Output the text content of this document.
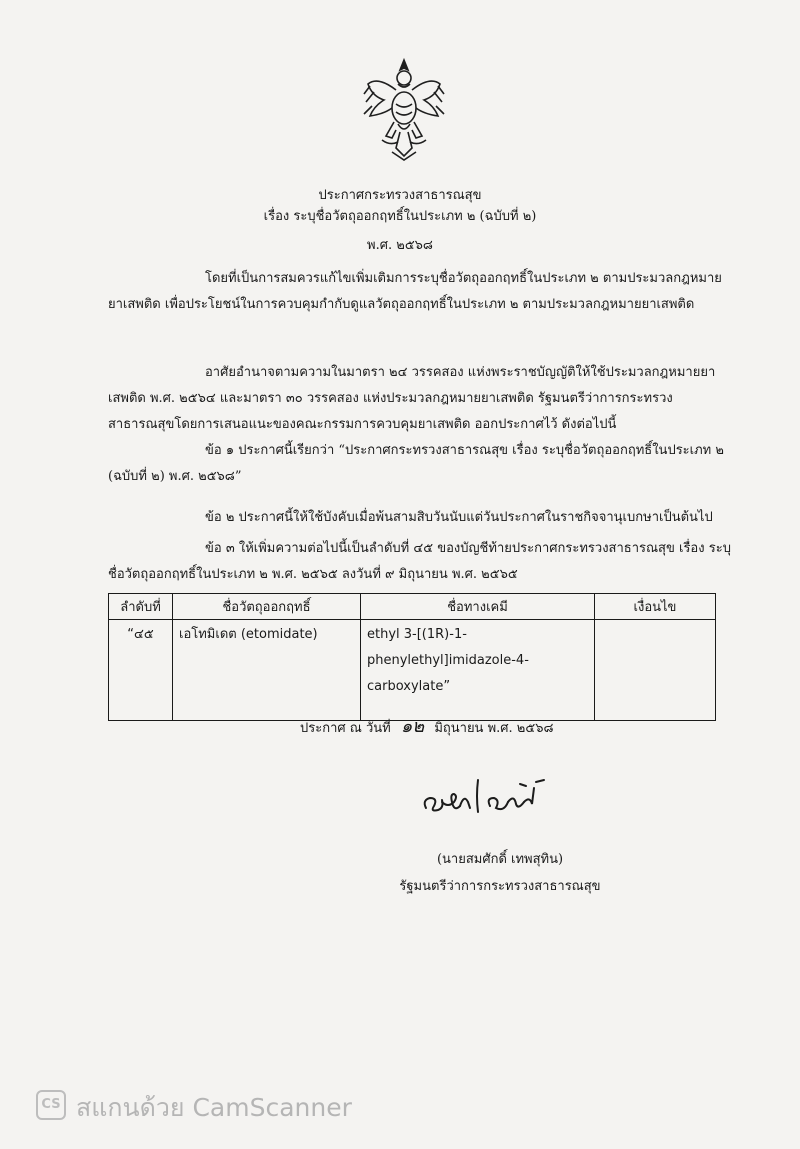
ประกาศกระทรวงสาธารณสุข
เรื่อง ระบุชื่อวัตถุออกฤทธิ์ในประเภท ๒ (ฉบับที่ ๒)
พ.ศ. ๒๕๖๘
โดยที่เป็นการสมควรแก้ไขเพิ่มเติมการระบุชื่อวัตถุออกฤทธิ์ในประเภท ๒ ตามประมวลกฎหมายยาเสพติด เพื่อประโยชน์ในการควบคุมกำกับดูแลวัตถุออกฤทธิ์ในประเภท ๒ ตามประมวลกฎหมายยาเสพติด
อาศัยอำนาจตามความในมาตรา ๒๔ วรรคสอง แห่งพระราชบัญญัติให้ใช้ประมวลกฎหมายยาเสพติด พ.ศ. ๒๕๖๔ และมาตรา ๓๐ วรรคสอง แห่งประมวลกฎหมายยาเสพติด รัฐมนตรีว่าการกระทรวงสาธารณสุขโดยการเสนอแนะของคณะกรรมการควบคุมยาเสพติด ออกประกาศไว้ ดังต่อไปนี้
ข้อ ๑ ประกาศนี้เรียกว่า “ประกาศกระทรวงสาธารณสุข เรื่อง ระบุชื่อวัตถุออกฤทธิ์ในประเภท ๒ (ฉบับที่ ๒) พ.ศ. ๒๕๖๘”
ข้อ ๒ ประกาศนี้ให้ใช้บังคับเมื่อพ้นสามสิบวันนับแต่วันประกาศในราชกิจจานุเบกษาเป็นต้นไป
ข้อ ๓ ให้เพิ่มความต่อไปนี้เป็นลำดับที่ ๔๕ ของบัญชีท้ายประกาศกระทรวงสาธารณสุข เรื่อง ระบุชื่อวัตถุออกฤทธิ์ในประเภท ๒ พ.ศ. ๒๕๖๕ ลงวันที่ ๙ มิถุนายน พ.ศ. ๒๕๖๕
ลำดับที่	ชื่อวัตถุออกฤทธิ์	ชื่อทางเคมี	เงื่อนไข
“๔๕	เอโทมิเดต (etomidate)	ethyl 3-[(1R)-1-phenylethyl]imidazole-4-carboxylate”	
ประกาศ ณ วันที่ ๑๒ มิถุนายน พ.ศ. ๒๕๖๘
(นายสมศักดิ์ เทพสุทิน)
รัฐมนตรีว่าการกระทรวงสาธารณสุข
CS สแกนด้วย CamScanner
